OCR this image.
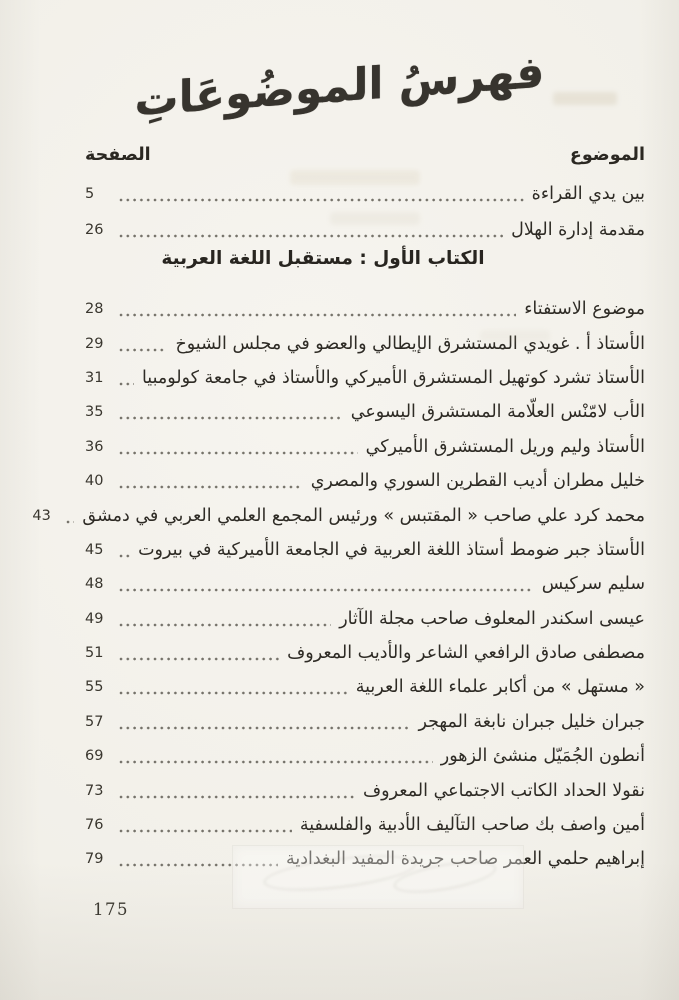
فهرسُ الموضُوعَاتِ
الموضوع
الصفحة
بين يدي القراءة
5
مقدمة إدارة الهلال
26
الكتاب الأول : مستقبل اللغة العربية
موضوع الاستفتاء
28
الأستاذ أ . غويدي المستشرق الإيطالي والعضو في مجلس الشيوخ
29
الأستاذ تشرد كوتهيل المستشرق الأميركي والأستاذ في جامعة كولومبيا
31
الأب لامّنْس العلّامة المستشرق اليسوعي
35
الأستاذ وليم وريل المستشرق الأميركي
36
خليل مطران أديب القطرين السوري والمصري
40
محمد كرد علي صاحب « المقتبس » ورئيس المجمع العلمي العربي في دمشق
43
الأستاذ جبر ضومط أستاذ اللغة العربية في الجامعة الأميركية في بيروت
45
سليم سركيس
48
عيسى اسكندر المعلوف صاحب مجلة الآثار
49
مصطفى صادق الرافعي الشاعر والأديب المعروف
51
« مستهل » من أكابر علماء اللغة العربية
55
جبران خليل جبران نابغة المهجر
57
أنطون الجُمَيّل منشئ الزهور
69
نقولا الحداد الكاتب الاجتماعي المعروف
73
أمين واصف بك صاحب التآليف الأدبية والفلسفية
76
إبراهيم حلمي العمر صاحب جريدة المفيد البغدادية
79
175
